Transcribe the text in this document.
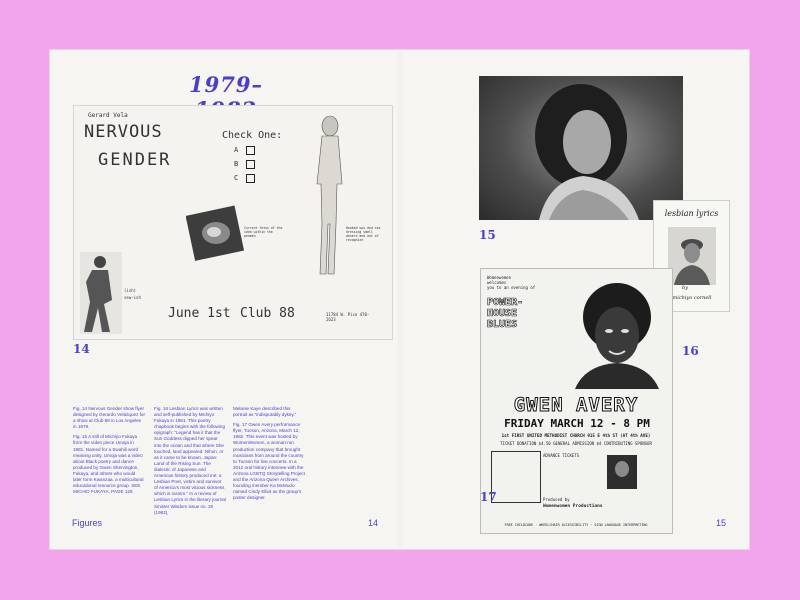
1979–
Gerard Vela
NERVOUS
GENDER
Check One:
A
B
C
Current fetus of the idea within the penmen
Hooked ups and sex dressing smell doners and out of recognize
(ish)
sew-ish
June 1st Club 88	11784 W. Pico 470-2623
14

Fig. 14 Nervous Gender show flyer designed by Gerardo Velázquez for a show at Club 88 in Los Angeles in 1979.

Fig. 15 A still of Michiyo Fukaya from the video piece Umoja in 1981. Named for a Swahili word meaning unity, Umoja was a video about Black poetry and dance produced by Gwen Shervington, Fukaya, and others who would later form Kwanzaa, a multicultural educational resource group. SEE MICHIO FUKAYA, PAGE 129.

Fig. 16 Lesbian Lyrics was written and self-published by Michiyo Fukaya in 1981. This poetry chapbook begins with the following epigraph: “Legend has it that the Sun Goddess dipped her spear into the ocean and that where She touched, land appeared: Nihon, or as it came to be known, Japan: Land of the Rising Sun. The dialectic of Japanese and American history produced me: a Lesbian Poet, victim and survivor of America’s most vicious sickness which is racism.” In a review of Lesbian Lyrics in the literary journal Sinister Wisdom issue no. 20 (1982),

Melanie Kaye described this portrait as “indisputably dykey.”

Fig. 17 Gwen Avery performance flyer, Tucson, Arizona, March 12, 1982. This event was hosted by WomenWomen, a woman-run production company that brought musicians from around the country to Tucson for live concerts. In a 2012 oral history interview with the Arizona LGBTQ Storytelling Project and the Arizona Queer Archives, founding member Ka McMudo named Cindy Elliot as the group’s poster designer.

Figures	14
15
lesbian lyrics
by
michiyo cornell
16
Womenwomen
welcomes
you to an evening of
POWER-
HOUSE
BLUES
GWEN AVERY
FRIDAY MARCH 12 - 8 PM
1st FIRST UNITED METHODIST CHURCH 915 E 4th ST (AT 4th AVE)
TICKET DONATION $4.50 GENERAL ADMISSION $4 CONTRIBUTING SPONSOR
ADVANCE TICKETS
Produced by
Womenwomen Productions
FREE CHILDCARE · WHEELCHAIR ACCESSIBILITY · SIGN LANGUAGE INTERPRETING
17
15
